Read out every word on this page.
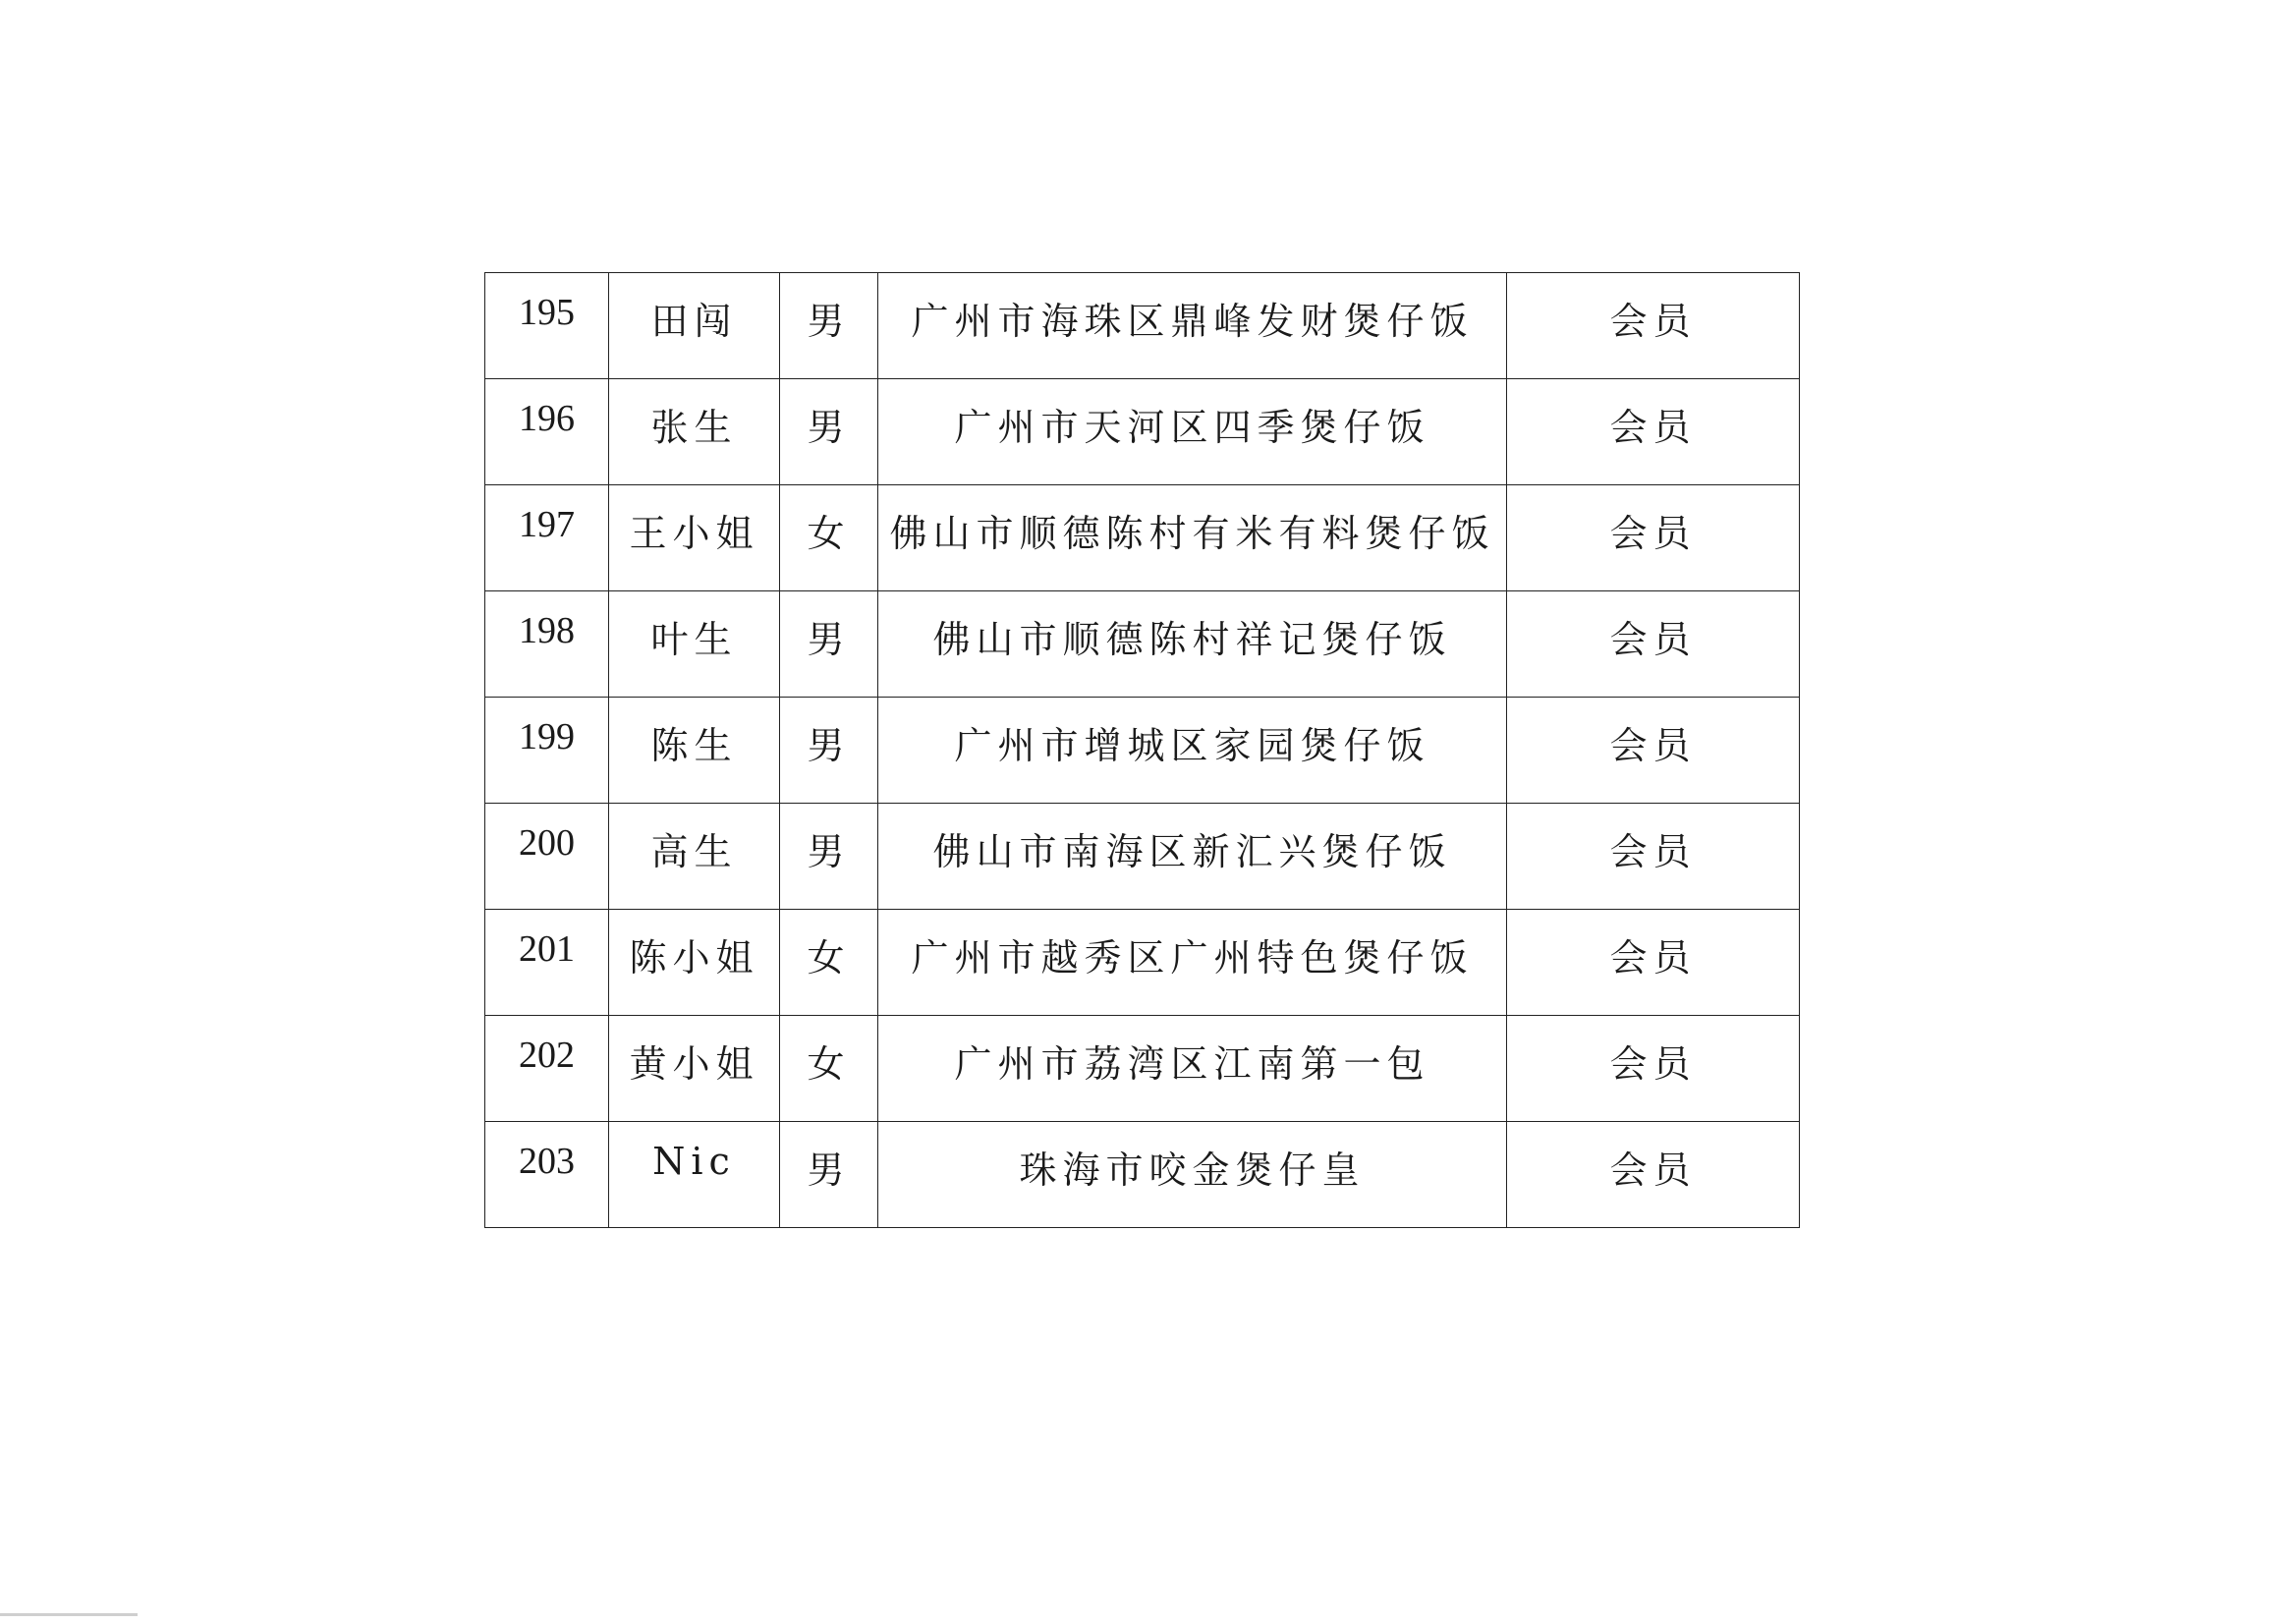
195	田闯	男	广州市海珠区鼎峰发财煲仔饭	会员
196	张生	男	广州市天河区四季煲仔饭	会员
197	王小姐	女	佛山市顺德陈村有米有料煲仔饭	会员
198	叶生	男	佛山市顺德陈村祥记煲仔饭	会员
199	陈生	男	广州市增城区家园煲仔饭	会员
200	高生	男	佛山市南海区新汇兴煲仔饭	会员
201	陈小姐	女	广州市越秀区广州特色煲仔饭	会员
202	黄小姐	女	广州市荔湾区江南第一包	会员
203	Nic	男	珠海市咬金煲仔皇	会员
